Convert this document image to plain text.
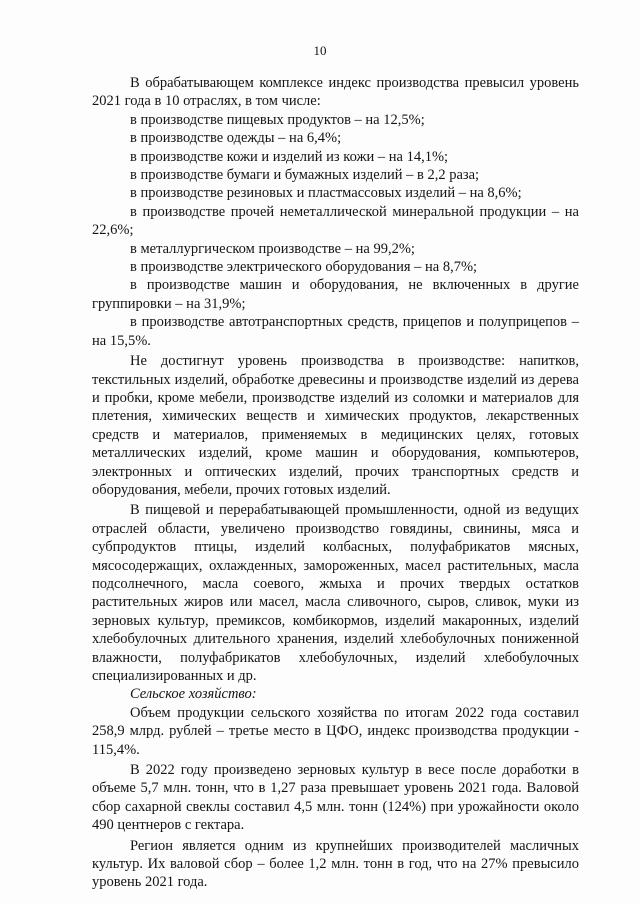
10

В обрабатывающем комплексе индекс производства превысил уровень 2021 года в 10 отраслях, в том числе:

в производстве пищевых продуктов – на 12,5%;

в производстве одежды – на 6,4%;

в производстве кожи и изделий из кожи – на 14,1%;

в производстве бумаги и бумажных изделий – в 2,2 раза;

в производстве резиновых и пластмассовых изделий – на 8,6%;

в производстве прочей неметаллической минеральной продукции – на 22,6%;

в металлургическом производстве – на 99,2%;

в производстве электрического оборудования – на 8,7%;

в производстве машин и оборудования, не включенных в другие группировки – на 31,9%;

в производстве автотранспортных средств, прицепов и полуприцепов – на 15,5%.

Не достигнут уровень производства в производстве: напитков, текстильных изделий, обработке древесины и производстве изделий из дерева и пробки, кроме мебели, производстве изделий из соломки и материалов для плетения, химических веществ и химических продуктов, лекарственных средств и материалов, применяемых в медицинских целях, готовых металлических изделий, кроме машин и оборудования, компьютеров, электронных и оптических изделий, прочих транспортных средств и оборудования, мебели, прочих готовых изделий.

В пищевой и перерабатывающей промышленности, одной из ведущих отраслей области, увеличено производство говядины, свинины, мяса и субпродуктов птицы, изделий колбасных, полуфабрикатов мясных, мясосодержащих, охлажденных, замороженных, масел растительных, масла подсолнечного, масла соевого, жмыха и прочих твердых остатков растительных жиров или масел, масла сливочного, сыров, сливок, муки из зерновых культур, премиксов, комбикормов, изделий макаронных, изделий хлебобулочных длительного хранения, изделий хлебобулочных пониженной влажности, полуфабрикатов хлебобулочных, изделий хлебобулочных специализированных и др.

Сельское хозяйство:

Объем продукции сельского хозяйства по итогам 2022 года составил 258,9 млрд. рублей – третье место в ЦФО, индекс производства продукции - 115,4%.

В 2022 году произведено зерновых культур в весе после доработки в объеме 5,7 млн. тонн, что в 1,27 раза превышает уровень 2021 года. Валовой сбор сахарной свеклы составил 4,5 млн. тонн (124%) при урожайности около 490 центнеров с гектара.

Регион является одним из крупнейших производителей масличных культур. Их валовой сбор – более 1,2 млн. тонн в год, что на 27% превысило уровень 2021 года.
